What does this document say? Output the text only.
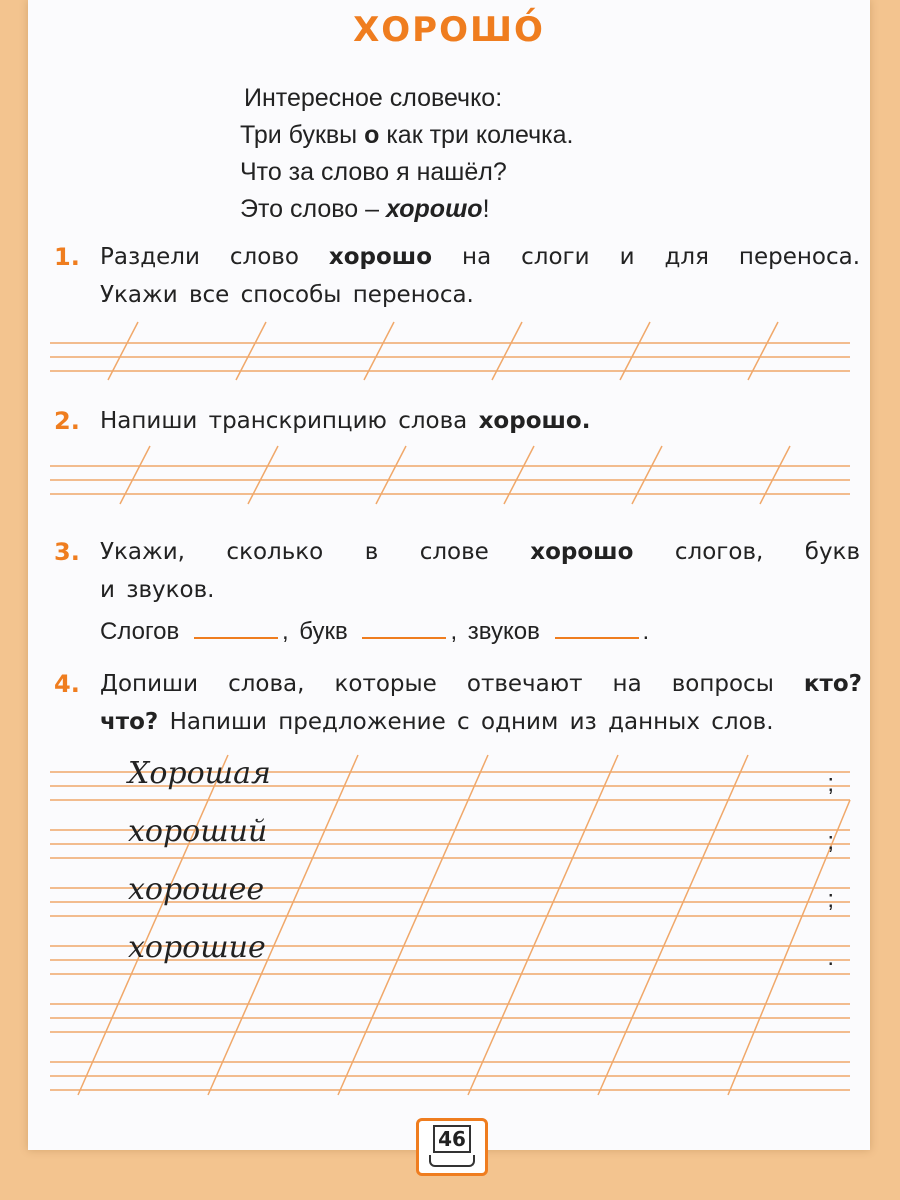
ХОРОШО́
Интересное словечко:
Три буквы о как три колечка.
Что за слово я нашёл?
Это слово – хорошо!
1. Раздели слово хорошо на слоги и для переноса.
Укажи все способы переноса.
2. Напиши транскрипцию слова хорошо.
3. Укажи, сколько в слове хорошо слогов, букв
и звуков.
Слогов	, букв	, звуков	.
4. Допиши слова, которые отвечают на вопросы кто?
что? Напиши предложение с одним из данных слов.
Хорошая	;
хороший	;
хорошее	;
хорошие	.
46
